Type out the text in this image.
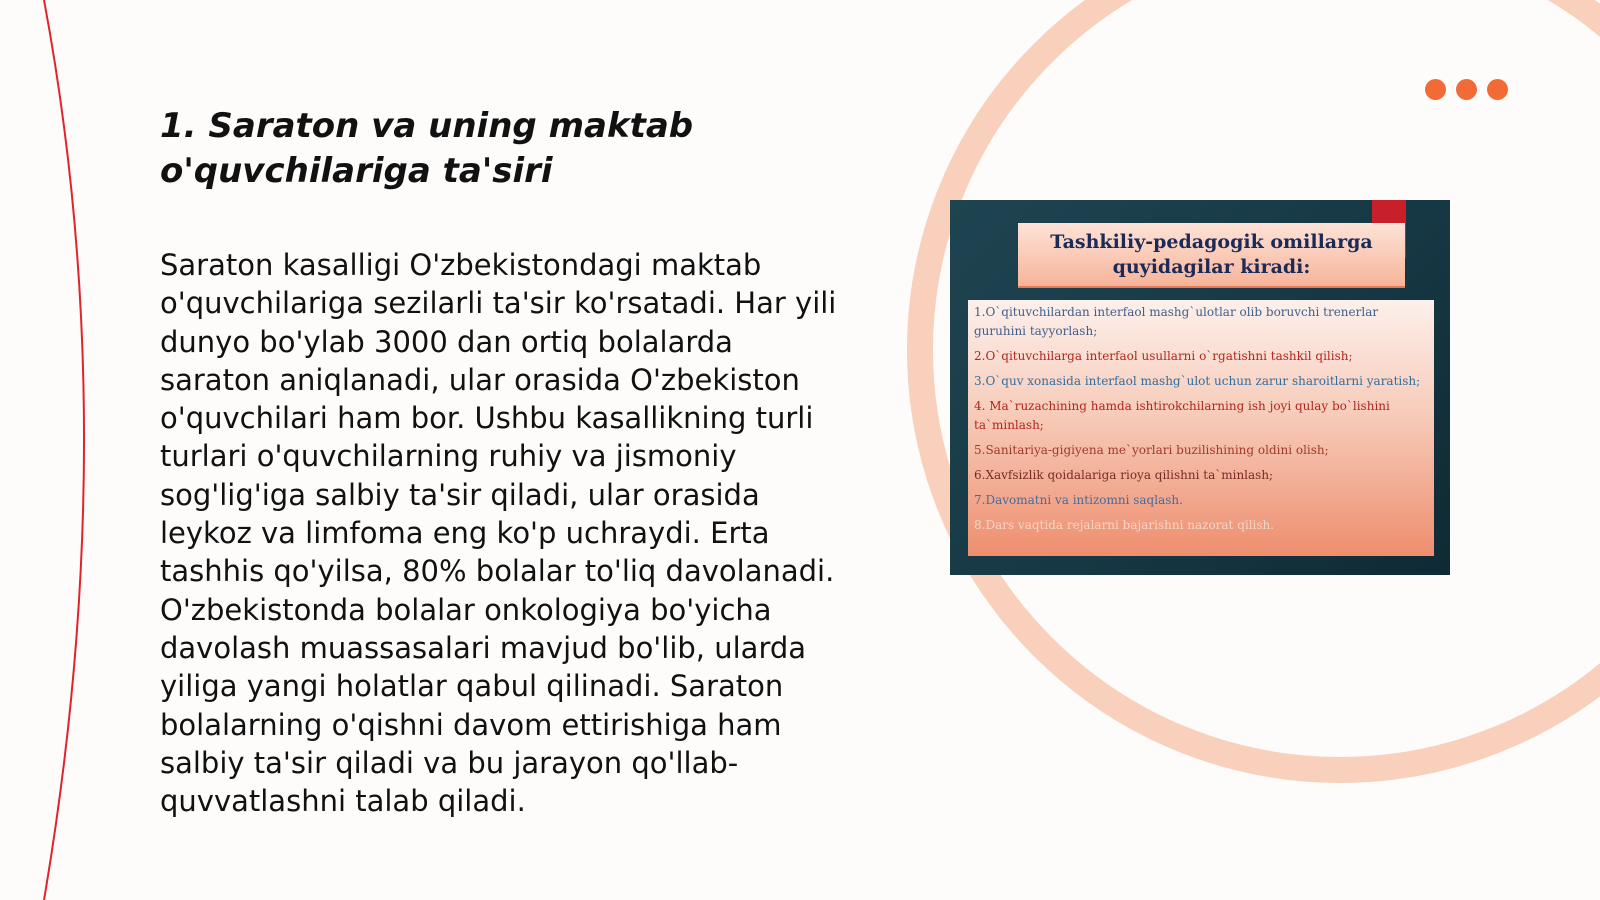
1. Saraton va uning maktab o'quvchilariga ta'siri

Saraton kasalligi O'zbekistondagi maktab o'quvchilariga sezilarli ta'sir ko'rsatadi. Har yili dunyo bo'ylab 3000 dan ortiq bolalarda saraton aniqlanadi, ular orasida O'zbekiston o'quvchilari ham bor. Ushbu kasallikning turli turlari o'quvchilarning ruhiy va jismoniy sog'lig'iga salbiy ta'sir qiladi, ular orasida leykoz va limfoma eng ko'p uchraydi. Erta tashhis qo'yilsa, 80% bolalar to'liq davolanadi. O'zbekistonda bolalar onkologiya bo'yicha davolash muassasalari mavjud bo'lib, ularda yiliga yangi holatlar qabul qilinadi. Saraton bolalarning o'qishni davom ettirishiga ham salbiy ta'sir qiladi va bu jarayon qo'llab-quvvatlashni talab qiladi.

Tashkiliy-pedagogik omillarga quyidagilar kiradi:
1.O`qituvchilardan interfaol mashg`ulotlar olib boruvchi trenerlar guruhini tayyorlash;
2.O`qituvchilarga interfaol usullarni o`rgatishni tashkil qilish;
3.O`quv xonasida interfaol mashg`ulot uchun zarur sharoitlarni yaratish;
4. Ma`ruzachining hamda ishtirokchilarning ish joyi qulay bo`lishini ta`minlash;
5.Sanitariya-gigiyena me`yorlari buzilishining oldini olish;
6.Xavfsizlik qoidalariga rioya qilishni ta`minlash;
7.Davomatni va intizomni saqlash.
8.Dars vaqtida rejalarni bajarishni nazorat qilish.
